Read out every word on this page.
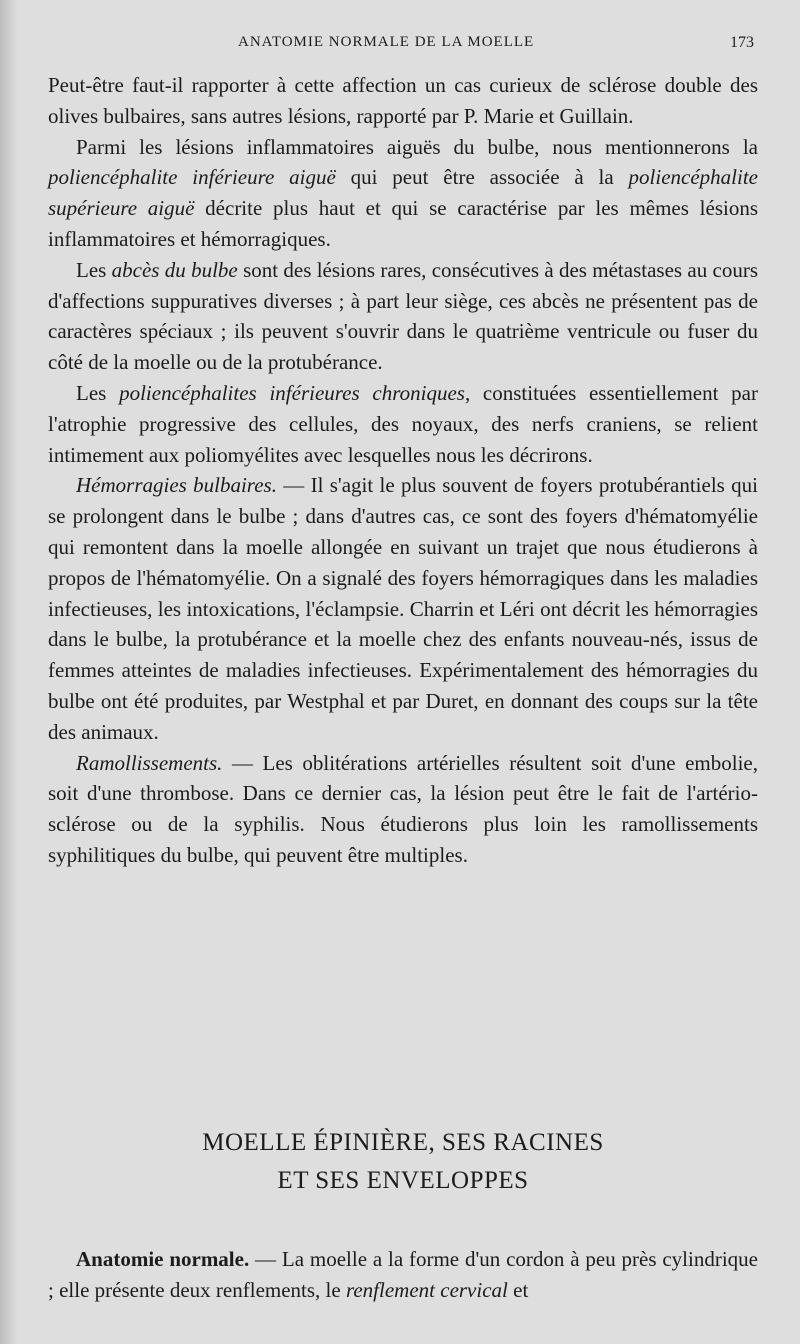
ANATOMIE NORMALE DE LA MOELLE	173

Peut-être faut-il rapporter à cette affection un cas curieux de sclérose double des olives bulbaires, sans autres lésions, rapporté par P. Marie et Guillain.

Parmi les lésions inflammatoires aiguës du bulbe, nous mentionnerons la poliencéphalite inférieure aiguë qui peut être associée à la poliencéphalite supérieure aiguë décrite plus haut et qui se caractérise par les mêmes lésions inflammatoires et hémorragiques.

Les abcès du bulbe sont des lésions rares, consécutives à des métastases au cours d'affections suppuratives diverses ; à part leur siège, ces abcès ne présentent pas de caractères spéciaux ; ils peuvent s'ouvrir dans le quatrième ventricule ou fuser du côté de la moelle ou de la protubérance.

Les poliencéphalites inférieures chroniques, constituées essentiellement par l'atrophie progressive des cellules, des noyaux, des nerfs craniens, se relient intimement aux poliomyélites avec lesquelles nous les décrirons.

Hémorragies bulbaires. — Il s'agit le plus souvent de foyers protubérantiels qui se prolongent dans le bulbe ; dans d'autres cas, ce sont des foyers d'hématomyélie qui remontent dans la moelle allongée en suivant un trajet que nous étudierons à propos de l'hématomyélie. On a signalé des foyers hémorragiques dans les maladies infectieuses, les intoxications, l'éclampsie. Charrin et Léri ont décrit les hémorragies dans le bulbe, la protubérance et la moelle chez des enfants nouveau-nés, issus de femmes atteintes de maladies infectieuses. Expérimentalement des hémorragies du bulbe ont été produites, par Westphal et par Duret, en donnant des coups sur la tête des animaux.

Ramollissements. — Les oblitérations artérielles résultent soit d'une embolie, soit d'une thrombose. Dans ce dernier cas, la lésion peut être le fait de l'artério-sclérose ou de la syphilis. Nous étudierons plus loin les ramollissements syphilitiques du bulbe, qui peuvent être multiples.

MOELLE ÉPINIÈRE, SES RACINES
ET SES ENVELOPPES

Anatomie normale. — La moelle a la forme d'un cordon à peu près cylindrique ; elle présente deux renflements, le renflement cervical et
